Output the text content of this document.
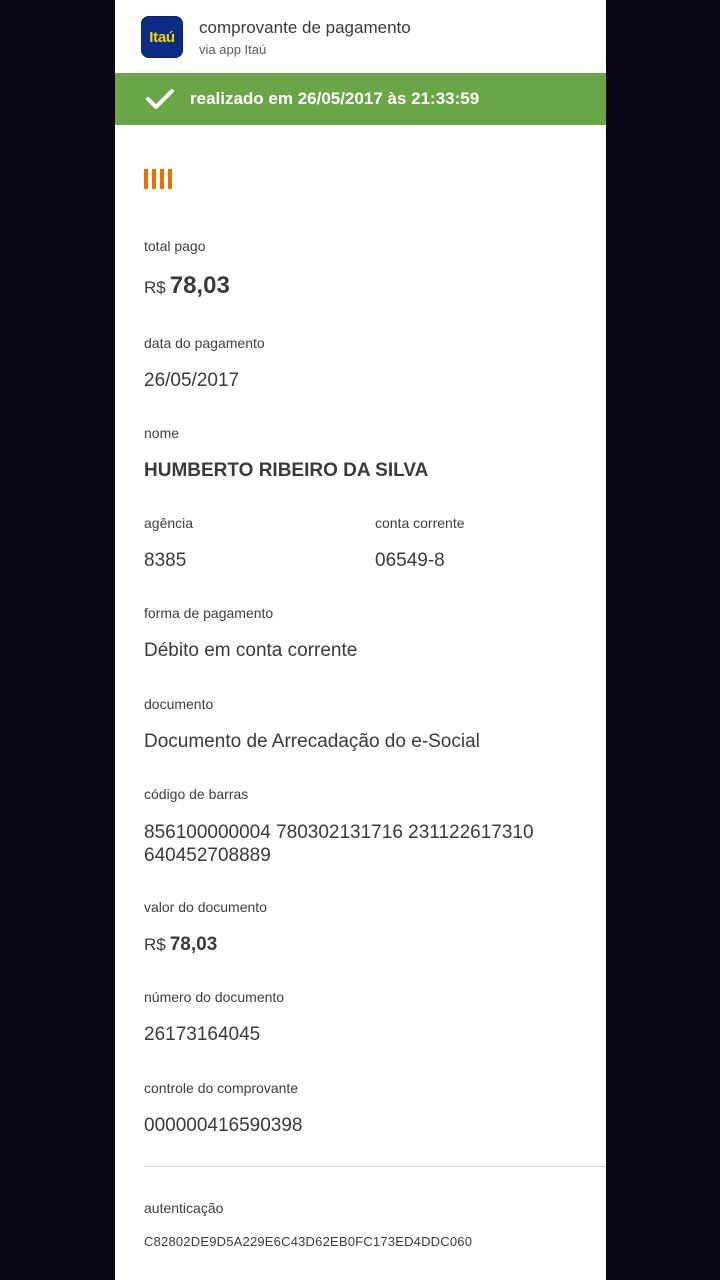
Itaú comprovante de pagamento
via app Itaú
realizado em 26/05/2017 às 21:33:59
total pago
R$ 78,03
data do pagamento
26/05/2017
nome
HUMBERTO RIBEIRO DA SILVA
agência
8385
conta corrente
06549-8
forma de pagamento
Débito em conta corrente
documento
Documento de Arrecadação do e-Social
código de barras
856100000004 780302131716 231122617310
640452708889
valor do documento
R$ 78,03
número do documento
26173164045
controle do comprovante
000000416590398
autenticação
C82802DE9D5A229E6C43D62EB0FC173ED4DDC060
